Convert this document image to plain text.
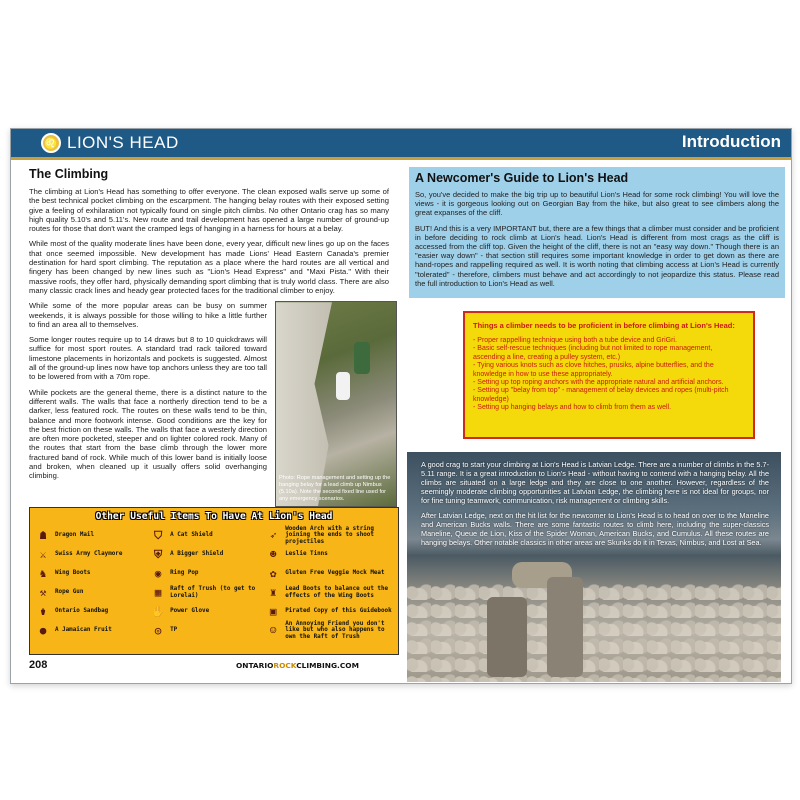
♌ LION'S HEAD	Introduction
The Climbing

The climbing at Lion's Head has something to offer everyone. The clean exposed walls serve up some of the best technical pocket climbing on the escarpment. The hanging belay routes with their exposed setting give a feeling of exhilaration not typically found on single pitch climbs. No other Ontario crag has so many high quality 5.10's and 5.11's. New route and trail development has opened a large number of ground-up routes for those that don't want the cramped legs of hanging in a harness for hours at a belay.

While most of the quality moderate lines have been done, every year, difficult new lines go up on the faces that once seemed impossible. New development has made Lions' Head Eastern Canada's premier destination for hard sport climbing. The reputation as a place where the hard routes are all vertical and fingery has been changed by new lines such as "Lion's Head Express" and "Maxi Pista." With their massive roofs, they offer hard, physically demanding sport climbing that is truly world class. There are also many classic crack lines and heady gear protected faces for the traditional climber to enjoy.

Photo: Rope management and setting up the hanging belay for a lead climb up Nimbus (5.10a). Note the second fixed line used for any emergency scenarios.

While some of the more popular areas can be busy on summer weekends, it is always possible for those willing to hike a little further to find an area all to themselves.

Some longer routes require up to 14 draws but 8 to 10 quickdraws will suffice for most sport routes. A standard trad rack tailored toward limestone placements in horizontals and pockets is suggested. Almost all of the ground-up lines now have top anchors unless they are too tall to be lowered from with a 70m rope.

While pockets are the general theme, there is a distinct nature to the different walls. The walls that face a northerly direction tend to be a darker, less featured rock. The routes on these walls tend to be thin, balance and more footwork intense. Good conditions are the key for the best friction on these walls. The walls that face a westerly direction are often more pocketed, steeper and on lighter colored rock. Many of the routes that start from the base climb through the lower more fractured band of rock. While much of this lower band is initially loose and broken, when cleaned up it usually offers solid overhanging climbing.

Other Useful Items To Have At Lion's Head
☗	Dragon Mail	⛉	A Cat Shield	➶	Wooden Arch with a string joining the ends to shoot projectiles
⚔	Swiss Army Claymore	⛨	A Bigger Shield	☻	Leslie Tinns
♞	Wing Boots	◉	Ring Pop	✿	Gluten Free Veggie Mock Meat
⚒	Rope Gun	▦	Raft of Trush (to get to Lorelai)	♜	Lead Boots to balance out the effects of the Wing Boots
⚱	Ontario Sandbag	✋ Power Glove	▣	Pirated Copy of this Guidebook
●	A Jamaican Fruit	◎	TP	☺	An Annoying Friend you don't like but who also happens to own the Raft of Trush
208	ONTARIOROCKCLIMBING.COM
A Newcomer's Guide to Lion's Head

So, you've decided to make the big trip up to beautiful Lion's Head for some rock climbing! You will love the views - it is gorgeous looking out on Georgian Bay from the hike, but also great to see climbers along the great expanses of the cliff.

BUT! And this is a very IMPORTANT but, there are a few things that a climber must consider and be proficient in before deciding to rock climb at Lion's head. Lion's Head is different from most crags as the cliff is accessed from the cliff top. Given the height of the cliff, there is not an "easy way down." Though there is an "easier way down" - that section still requires some important knowledge in order to get down as there are hand-ropes and rappelling required as well. It is worth noting that climbing access at Lion's Head is currently "tolerated" - therefore, climbers must behave and act accordingly to not jeopardize this status. Please read the full introduction to Lion's Head as well.

Things a climber needs to be proficient in before climbing at Lion's Head:
- Proper rappelling technique using both a tube device and GriGri.
- Basic self-rescue techniques (including but not limited to rope management, ascending a line, creating a pulley system, etc.)
- Tying various knots such as clove hitches, prusiks, alpine butterflies, and the knowledge in how to use these appropriately.
- Setting up top roping anchors with the appropriate natural and artificial anchors.
- Setting up "belay from top" - management of belay devices and ropes (multi-pitch knowledge)
- Setting up hanging belays and how to climb from them as well.

A good crag to start your climbing at Lion's Head is Latvian Ledge. There are a number of climbs in the 5.7-5.11 range. It is a great introduction to Lion's Head - without having to contend with a hanging belay. All the climbs are situated on a large ledge and they are close to one another. However, regardless of the seemingly moderate climbing opportunities at Latvian Ledge, the climbing here is not ideal for groups, nor for fine tuning teamwork, communication, risk management or climbing skills.

After Latvian Ledge, next on the hit list for the newcomer to Lion's Head is to head on over to the Maneline and American Bucks walls. There are some fantastic routes to climb here, including the super-classics Maneline, Queue de Lion, Kiss of the Spider Woman, American Bucks, and Cumulus. All these routes are hanging belays. Other notable classics in other areas are Skunks do it in Texas, Nimbus, and Lost at Sea.
